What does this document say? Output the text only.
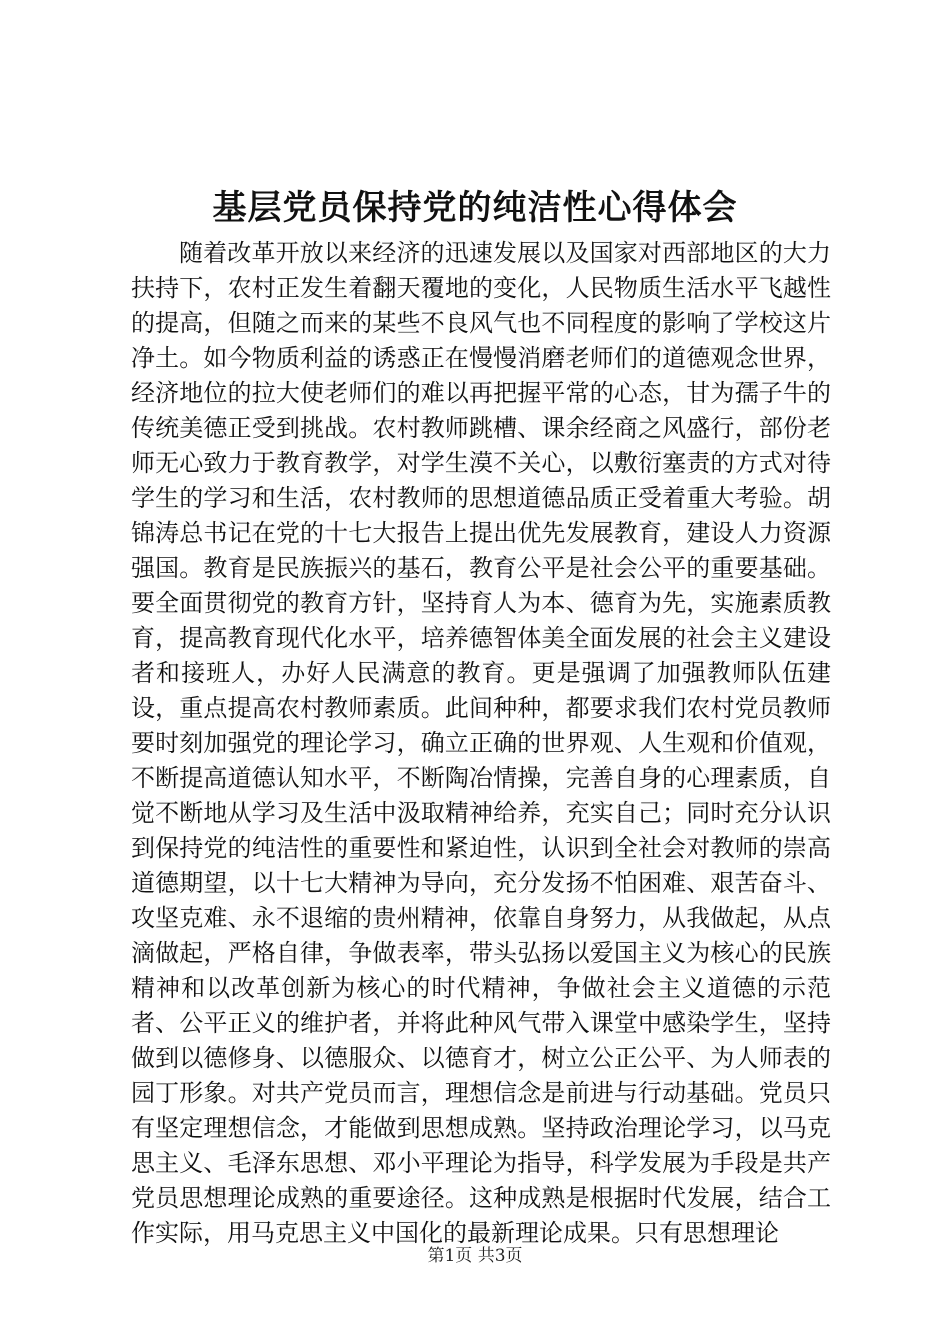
基层党员保持党的纯洁性心得体会

随着改革开放以来经济的迅速发展以及国家对西部地区的大力扶持下，农村正发生着翻天覆地的变化，人民物质生活水平飞越性的提高，但随之而来的某些不良风气也不同程度的影响了学校这片净土。如今物质利益的诱惑正在慢慢消磨老师们的道德观念世界，经济地位的拉大使老师们的难以再把握平常的心态，甘为孺子牛的传统美德正受到挑战。农村教师跳槽、课余经商之风盛行，部份老师无心致力于教育教学，对学生漠不关心，以敷衍塞责的方式对待学生的学习和生活，农村教师的思想道德品质正受着重大考验。胡锦涛总书记在党的十七大报告上提出优先发展教育，建设人力资源强国。教育是民族振兴的基石，教育公平是社会公平的重要基础。要全面贯彻党的教育方针，坚持育人为本、德育为先，实施素质教育，提高教育现代化水平，培养德智体美全面发展的社会主义建设者和接班人，办好人民满意的教育。更是强调了加强教师队伍建设，重点提高农村教师素质。此间种种，都要求我们农村党员教师要时刻加强党的理论学习，确立正确的世界观、人生观和价值观，不断提高道德认知水平，不断陶冶情操，完善自身的心理素质，自觉不断地从学习及生活中汲取精神给养，充实自己；同时充分认识到保持党的纯洁性的重要性和紧迫性，认识到全社会对教师的崇高道德期望，以十七大精神为导向，充分发扬不怕困难、艰苦奋斗、攻坚克难、永不退缩的贵州精神，依靠自身努力，从我做起，从点滴做起，严格自律，争做表率，带头弘扬以爱国主义为核心的民族精神和以改革创新为核心的时代精神，争做社会主义道德的示范者、公平正义的维护者，并将此种风气带入课堂中感染学生，坚持做到以德修身、以德服众、以德育才，树立公正公平、为人师表的园丁形象。对共产党员而言，理想信念是前进与行动基础。党员只有坚定理想信念，才能做到思想成熟。坚持政治理论学习，以马克思主义、毛泽东思想、邓小平理论为指导，科学发展为手段是共产党员思想理论成熟的重要途径。这种成熟是根据时代发展，结合工作实际，用马克思主义中国化的最新理论成果。只有思想理论

第1页 共3页
